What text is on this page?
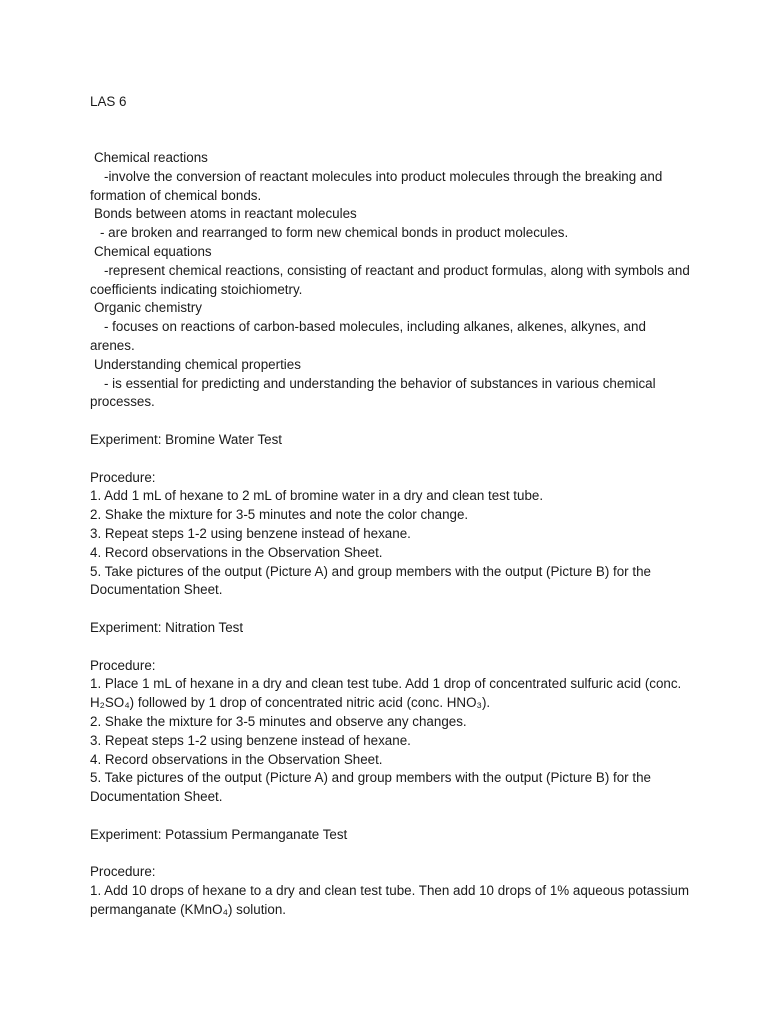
LAS 6

Chemical reactions

-involve the conversion of reactant molecules into product molecules through the breaking and formation of chemical bonds.

Bonds between atoms in reactant molecules

- are broken and rearranged to form new chemical bonds in product molecules.

Chemical equations

-represent chemical reactions, consisting of reactant and product formulas, along with symbols and coefficients indicating stoichiometry.

Organic chemistry

- focuses on reactions of carbon-based molecules, including alkanes, alkenes, alkynes, and arenes.

Understanding chemical properties

- is essential for predicting and understanding the behavior of substances in various chemical processes.

Experiment: Bromine Water Test

Procedure:

1. Add 1 mL of hexane to 2 mL of bromine water in a dry and clean test tube.

2. Shake the mixture for 3-5 minutes and note the color change.

3. Repeat steps 1-2 using benzene instead of hexane.

4. Record observations in the Observation Sheet.

5. Take pictures of the output (Picture A) and group members with the output (Picture B) for the Documentation Sheet.

Experiment: Nitration Test

Procedure:

1. Place 1 mL of hexane in a dry and clean test tube. Add 1 drop of concentrated sulfuric acid (conc. H₂SO₄) followed by 1 drop of concentrated nitric acid (conc. HNO₃).

2. Shake the mixture for 3-5 minutes and observe any changes.

3. Repeat steps 1-2 using benzene instead of hexane.

4. Record observations in the Observation Sheet.

5. Take pictures of the output (Picture A) and group members with the output (Picture B) for the Documentation Sheet.

Experiment: Potassium Permanganate Test

Procedure:

1. Add 10 drops of hexane to a dry and clean test tube. Then add 10 drops of 1% aqueous potassium permanganate (KMnO₄) solution.
